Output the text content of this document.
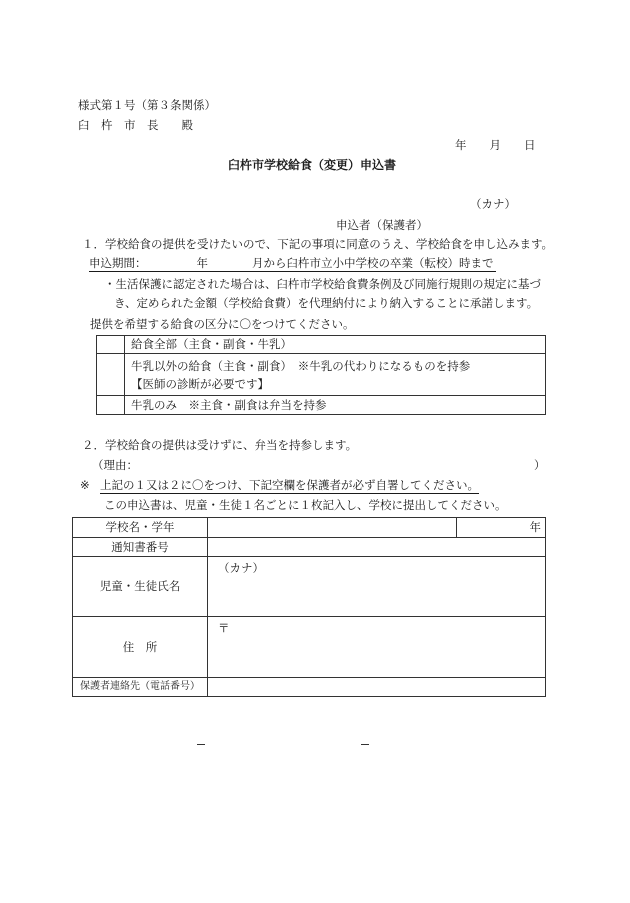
様式第１号（第３条関係）
臼　杵　市　長　　殿
年　　月　　日
臼杵市学校給食（変更）申込書
（カナ）
申込者（保護者）
１．学校給食の提供を受けたいので、下記の事項に同意のうえ、学校給食を申し込みます。
申込期間：	年	月から臼杵市立小中学校の卒業（転校）時まで
・生活保護に認定された場合は、臼杵市学校給食費条例及び同施行規則の規定に基づ
き、定められた金額（学校給食費）を代理納付により納入することに承諾します。
提供を希望する給食の区分に〇をつけてください。
	給食全部（主食・副食・牛乳）

	牛乳以外の給食（主食・副食）　※牛乳の代わりになるものを持参
【医師の診断が必要です】

	牛乳のみ　※主食・副食は弁当を持参
２．学校給食の提供は受けずに、弁当を持参します。
（理由：	）
※ 上記の１又は２に〇をつけ、下記空欄を保護者が必ず自署してください。
この申込書は、児童・生徒１名ごとに１枚記入し、学校に提出してください。
学校名・学年		年
通知書番号		
児童・生徒氏名	（カナ）	
住　所	〒	
保護者連絡先（電話番号）		
